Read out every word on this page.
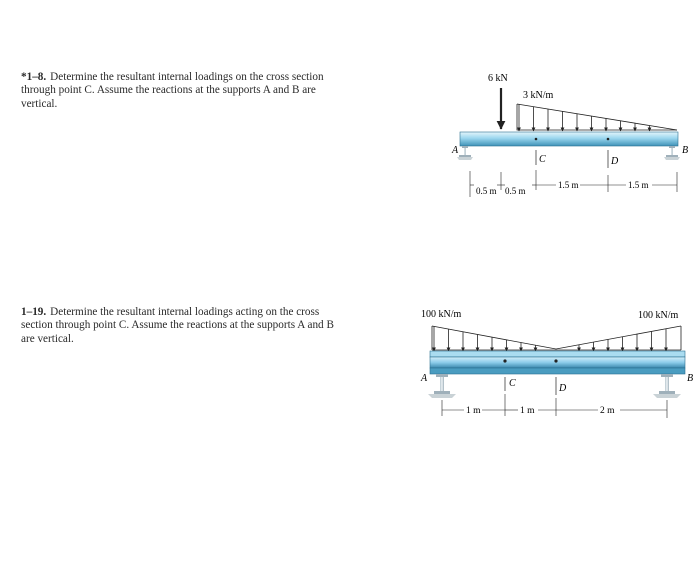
*1–8. Determine the resultant internal loadings on the cross section through point C. Assume the reactions at the supports A and B are vertical.
1–19. Determine the resultant internal loadings acting on the cross section through point C. Assume the reactions at the supports A and B are vertical.
6 kN
3 kN/m
A	B
C	D
0.5 m 0.5 m
1.5 m	1.5 m
100 kN/m	100 kN/m
A	B
C	D
1 m	1 m	2 m
